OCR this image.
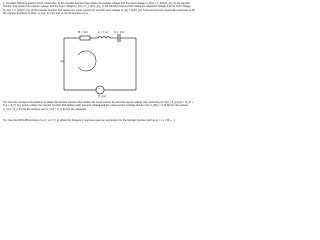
1. Consider following analog circuit. Determine: a) the transfer function that relates the resistor voltage and the input voltage H_R(s) = V_R(s)/V_i(s); b) the transfer function that relates the inductor voltage and the input voltage H_L(s) = V_L(s)/V_i(s); c) the transfer function that relates the capacitor voltage and the input voltage H_C(s) = V_C(s)/V_i(s); d) the transfer function that relates the mesh current I(s) and the input voltage H_I(s) = I(s)/V_i(s). Find and plot the magnitude responses of all the transfer functions H_R(s), H_L(s), H_C(s) and H_I(s) as functions of ω.

+
-
R = 1Ω	L = 1 H C = 1 F
V_i(s)
I(s)

Tip: Use the concept of impedance to obtain the transfer function that relates the mesh current I(s) and the source voltage Vi(s) according to V(s) = Z_eq I(s) = (Z_R + Z_L + Z_C) I(s), and so obtain the transfer function that relates each element voltage and the mesh current (voltage divider rule) V_R(s) = Z_R I(s) for the resistor, V_L(s) = Z_L I(s) for the inductor and V_C(s) = Z_C I(s) for the capacitor.

Tip: Use the MATLAB functions freqs() and tf() to obtain the frequency response given an expression for the transfer function such as H = L s / (R + ...)
